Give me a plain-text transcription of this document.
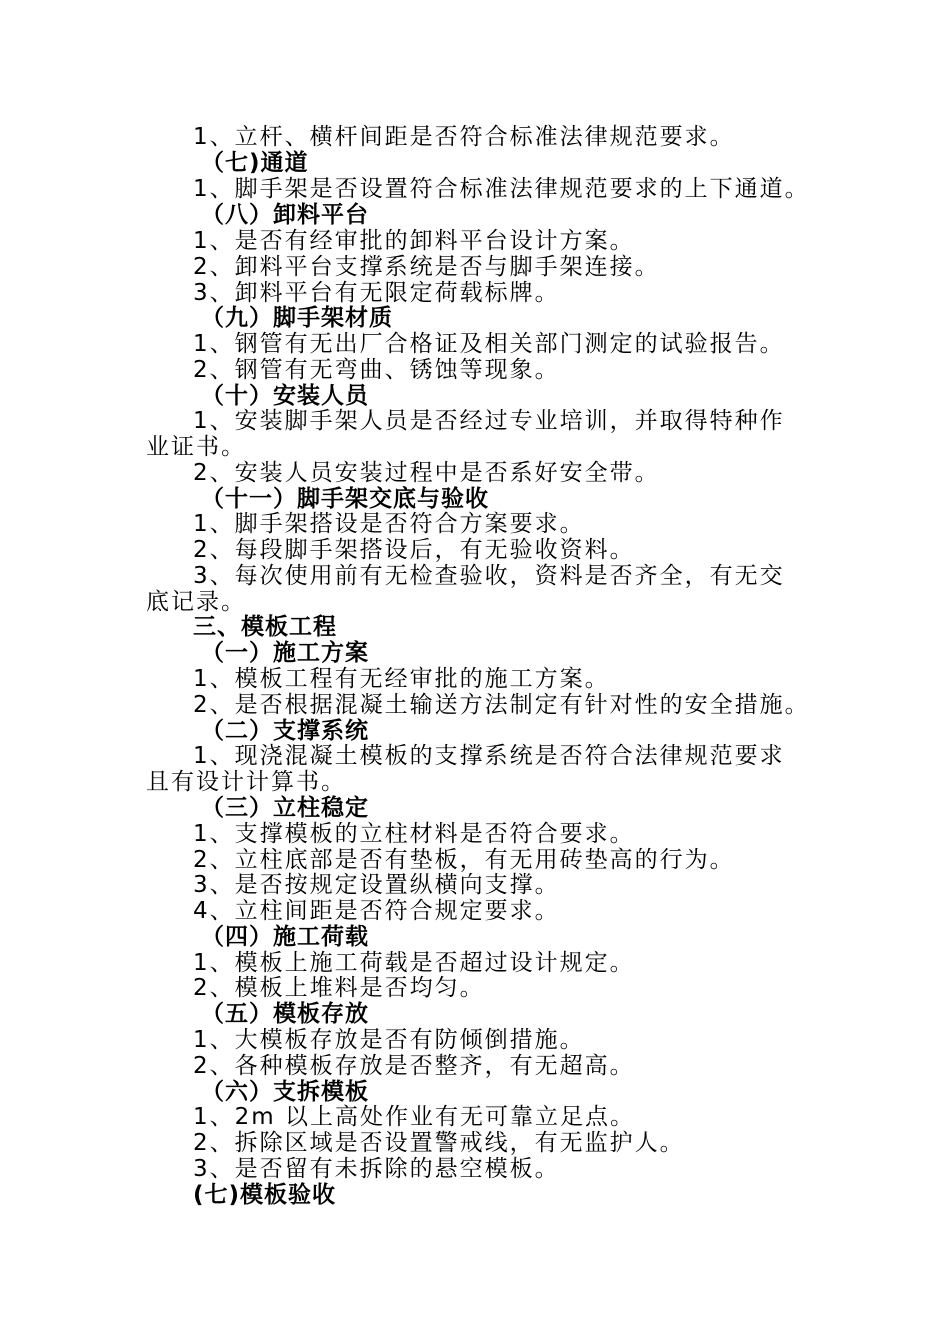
1、立杆、横杆间距是否符合标准法律规范要求。
（七)通道
1、脚手架是否设置符合标准法律规范要求的上下通道。
（八）卸料平台
1、是否有经审批的卸料平台设计方案。
2、卸料平台支撑系统是否与脚手架连接。
3、卸料平台有无限定荷载标牌。
（九）脚手架材质
1、钢管有无出厂合格证及相关部门测定的试验报告。
2、钢管有无弯曲、锈蚀等现象。
（十）安装人员
1、安装脚手架人员是否经过专业培训，并取得特种作
业证书。
2、安装人员安装过程中是否系好安全带。
（十一）脚手架交底与验收
1、脚手架搭设是否符合方案要求。
2、每段脚手架搭设后，有无验收资料。
3、每次使用前有无检查验收，资料是否齐全，有无交
底记录。
三、模板工程
（一）施工方案
1、模板工程有无经审批的施工方案。
2、是否根据混凝土输送方法制定有针对性的安全措施。
（二）支撑系统
1、现浇混凝土模板的支撑系统是否符合法律规范要求
且有设计计算书。
（三）立柱稳定
1、支撑模板的立柱材料是否符合要求。
2、立柱底部是否有垫板，有无用砖垫高的行为。
3、是否按规定设置纵横向支撑。
4、立柱间距是否符合规定要求。
（四）施工荷载
1、模板上施工荷载是否超过设计规定。
2、模板上堆料是否均匀。
（五）模板存放
1、大模板存放是否有防倾倒措施。
2、各种模板存放是否整齐，有无超高。
（六）支拆模板
1、2m 以上高处作业有无可靠立足点。
2、拆除区域是否设置警戒线，有无监护人。
3、是否留有未拆除的悬空模板。
(七)模板验收
